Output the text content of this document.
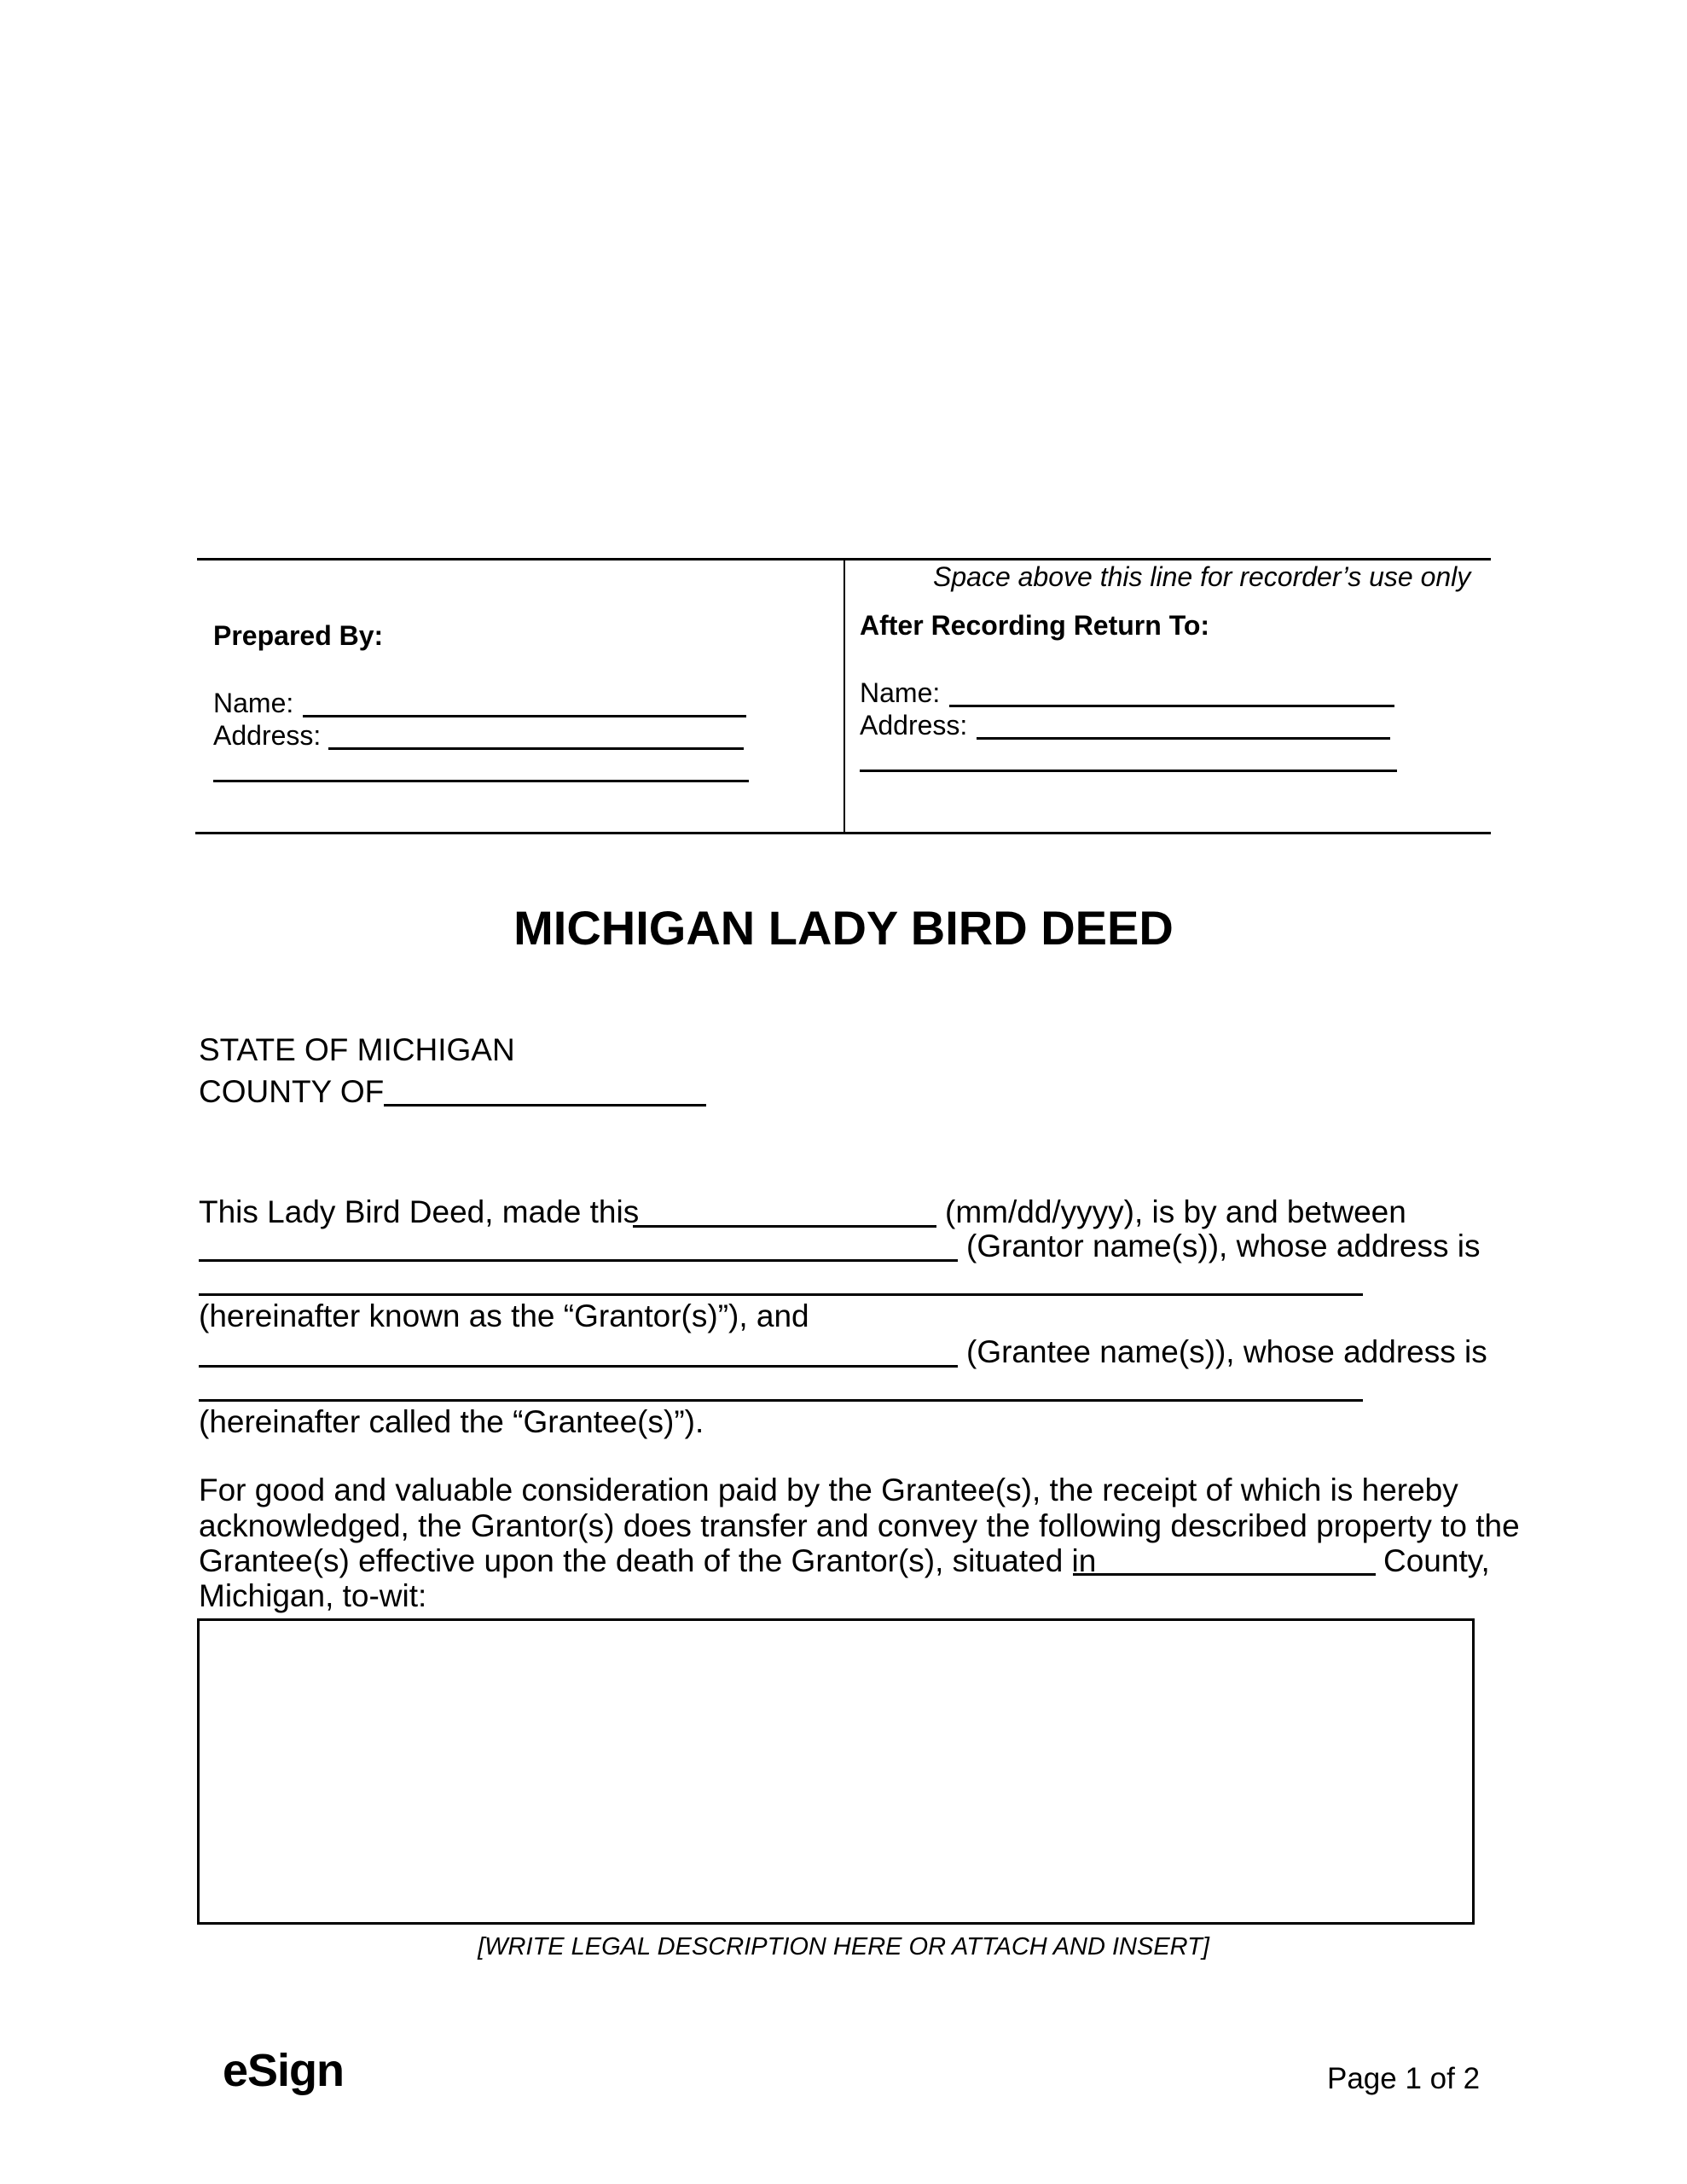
Space above this line for recorder’s use only
Prepared By:
Name:
Address:
After Recording Return To:
Name:
Address:
MICHIGAN LADY BIRD DEED
STATE OF MICHIGAN
COUNTY OF
This Lady Bird Deed, made this	(mm/dd/yyyy), is by and between
(Grantor name(s)), whose address is
(hereinafter known as the “Grantor(s)”), and
(Grantee name(s)), whose address is
(hereinafter called the “Grantee(s)”).
For good and valuable consideration paid by the Grantee(s), the receipt of which is hereby
acknowledged, the Grantor(s) does transfer and convey the following described property to the
Grantee(s) effective upon the death of the Grantor(s), situated in	County,
Michigan, to-wit:
[WRITE LEGAL DESCRIPTION HERE OR ATTACH AND INSERT]
eSign	Page 1 of 2
